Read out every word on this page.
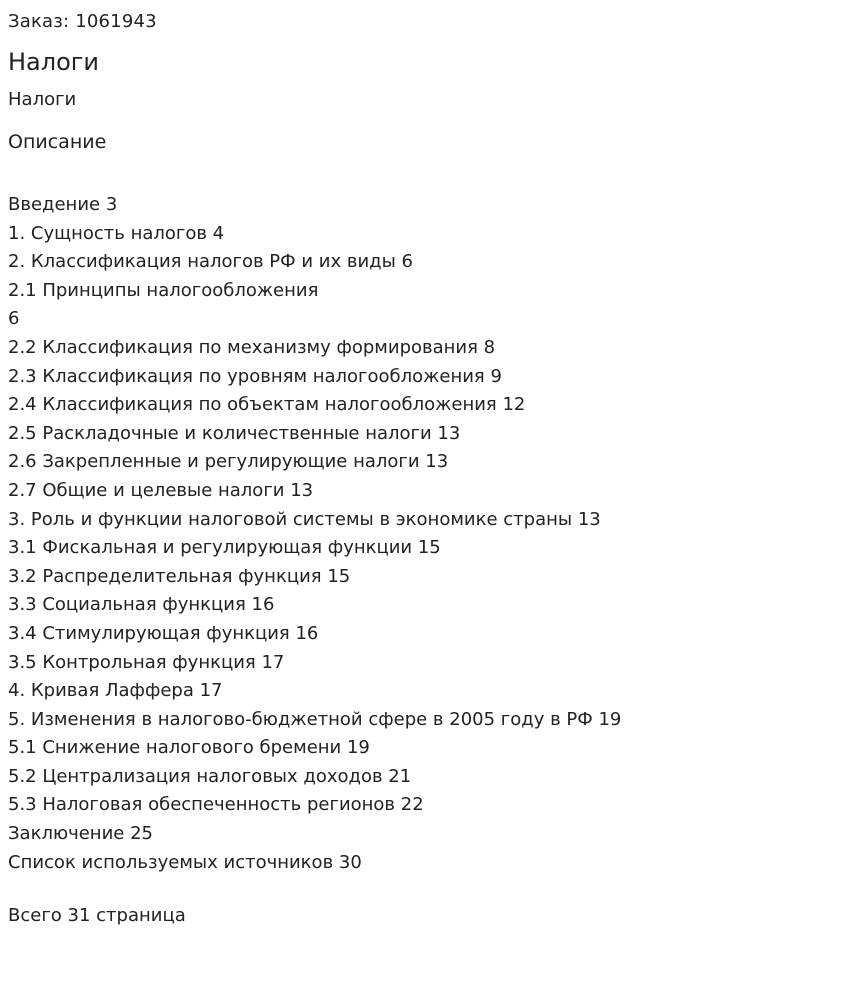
Заказ: 1061943
Налоги
Налоги
Описание
Введение 3
1. Сущность налогов 4
2. Классификация налогов РФ и их виды 6
2.1 Принципы налогообложения
6
2.2 Классификация по механизму формирования 8
2.3 Классификация по уровням налогообложения 9
2.4 Классификация по объектам налогообложения 12
2.5 Раскладочные и количественные налоги 13
2.6 Закрепленные и регулирующие налоги 13
2.7 Общие и целевые налоги 13
3. Роль и функции налоговой системы в экономике страны 13
3.1 Фискальная и регулирующая функции 15
3.2 Распределительная функция 15
3.3 Социальная функция 16
3.4 Стимулирующая функция 16
3.5 Контрольная функция 17
4. Кривая Лаффера 17
5. Изменения в налогово-бюджетной сфере в 2005 году в РФ 19
5.1 Снижение налогового бремени 19
5.2 Централизация налоговых доходов 21
5.3 Налоговая обеспеченность регионов 22
Заключение 25
Список используемых источников 30
Всего 31 страница
